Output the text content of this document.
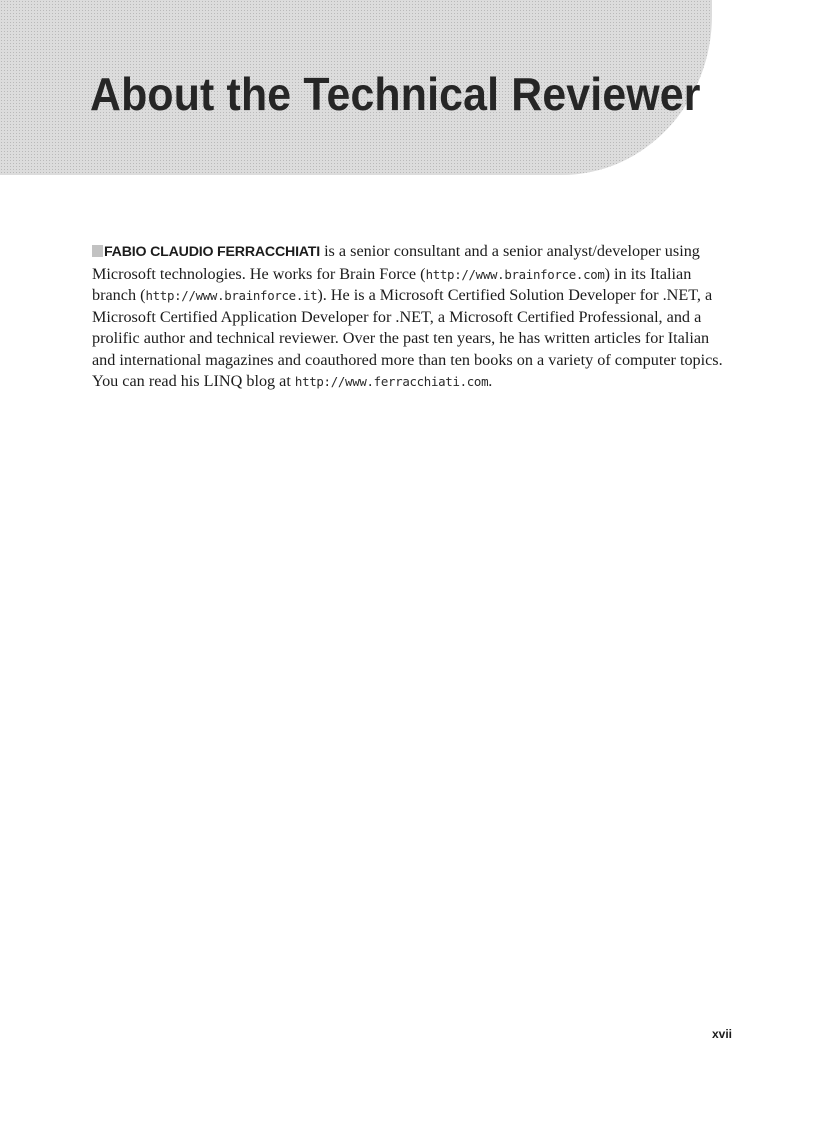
About the Technical Reviewer

FABIO CLAUDIO FERRACCHIATI is a senior consultant and a senior analyst/developer using Microsoft technologies. He works for Brain Force (http://www.brainforce.com) in its Italian branch (http://www.brainforce.it). He is a Microsoft Certified Solution Developer for .NET, a Microsoft Certified Application Developer for .NET, a Microsoft Certified Professional, and a prolific author and technical reviewer. Over the past ten years, he has written articles for Italian and international magazines and coauthored more than ten books on a variety of computer topics. You can read his LINQ blog at http://www.ferracchiati.com.

xvii
